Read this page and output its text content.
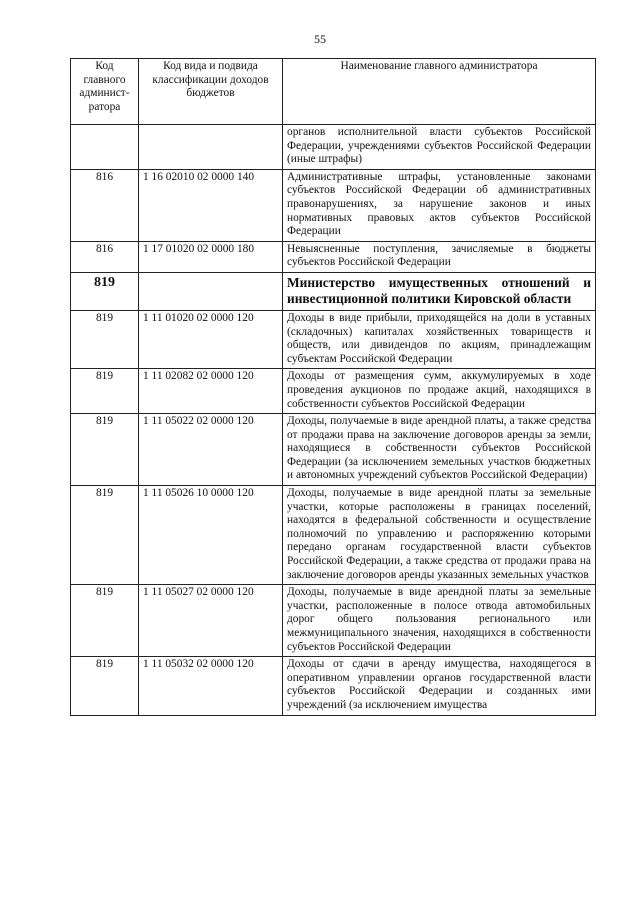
55
Код главного админист-ратора	Код вида и подвида классификации доходов бюджетов	Наименование главного администратора
		органов исполнительной власти субъектов Российской Федерации, учреждениями субъектов Российской Федерации (иные штрафы)
816	1 16 02010 02 0000 140	Административные штрафы, установленные законами субъектов Российской Федерации об административных правонарушениях, за нарушение законов и иных нормативных правовых актов субъектов Российской Федерации
816	1 17 01020 02 0000 180	Невыясненные поступления, зачисляемые в бюджеты субъектов Российской Федерации
819		Министерство имущественных отношений и инвестиционной политики Кировской области
819	1 11 01020 02 0000 120	Доходы в виде прибыли, приходящейся на доли в уставных (складочных) капиталах хозяйственных товариществ и обществ, или дивидендов по акциям, принадлежащим субъектам Российской Федерации
819	1 11 02082 02 0000 120	Доходы от размещения сумм, аккумулируемых в ходе проведения аукционов по продаже акций, находящихся в собственности субъектов Российской Федерации
819	1 11 05022 02 0000 120	Доходы, получаемые в виде арендной платы, а также средства от продажи права на заключение договоров аренды за земли, находящиеся в собственности субъектов Российской Федерации (за исключением земельных участков бюджетных и автономных учреждений субъектов Российской Федерации)
819	1 11 05026 10 0000 120	Доходы, получаемые в виде арендной платы за земельные участки, которые расположены в границах поселений, находятся в федеральной собственности и осуществление полномочий по управлению и распоряжению которыми передано органам государственной власти субъектов Российской Федерации, а также средства от продажи права на заключение договоров аренды указанных земельных участков
819	1 11 05027 02 0000 120	Доходы, получаемые в виде арендной платы за земельные участки, расположенные в полосе отвода автомобильных дорог общего пользования регионального или межмуниципального значения, находящихся в собственности субъектов Российской Федерации
819	1 11 05032 02 0000 120	Доходы от сдачи в аренду имущества, находящегося в оперативном управлении органов государственной власти субъектов Российской Федерации и созданных ими учреждений (за исключением имущества
